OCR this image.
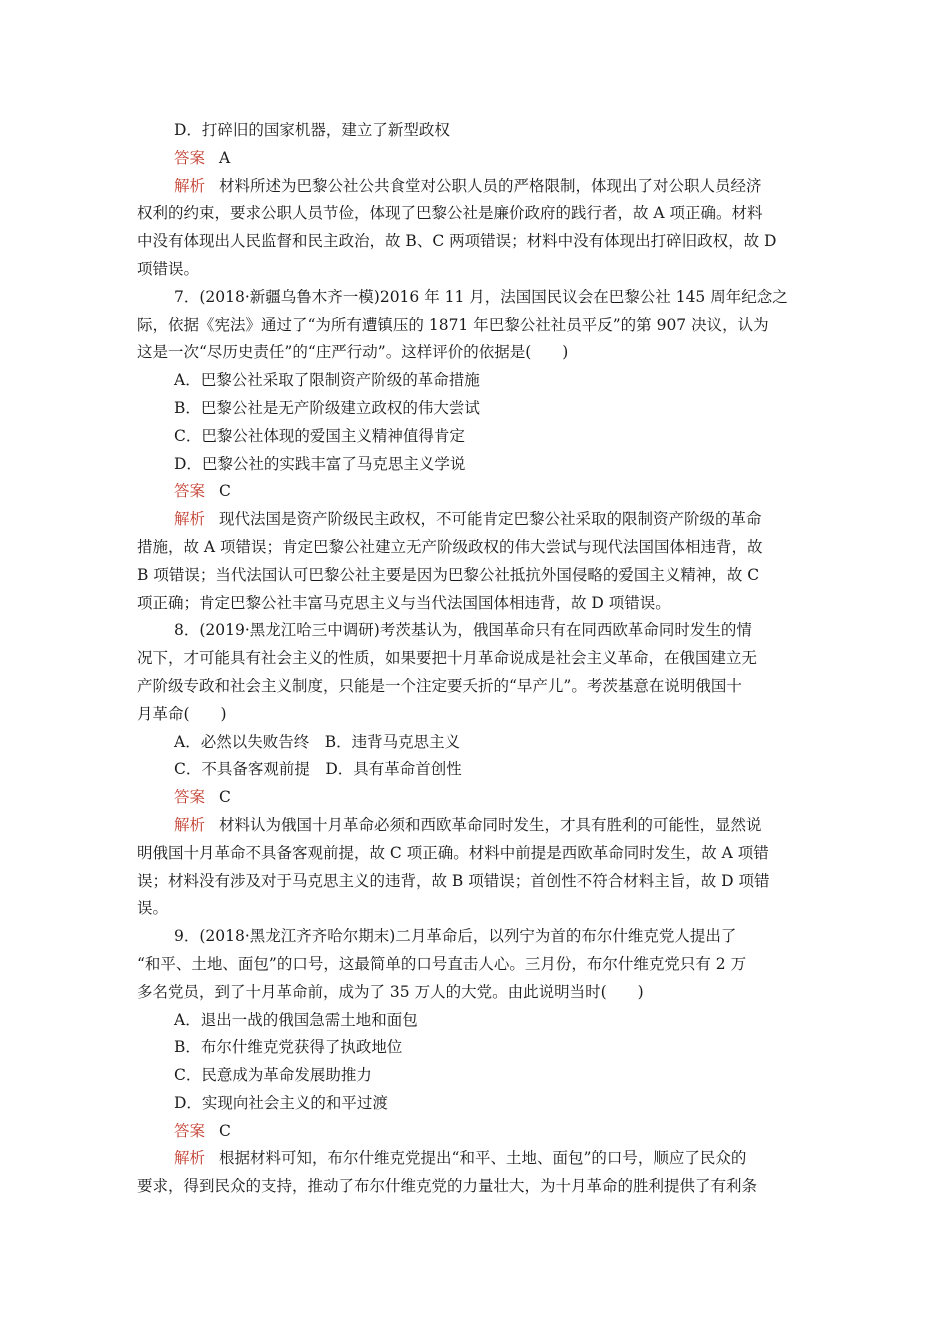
D．打碎旧的国家机器，建立了新型政权
答案 A
解析 材料所述为巴黎公社公共食堂对公职人员的严格限制，体现出了对公职人员经济
权利的约束，要求公职人员节俭，体现了巴黎公社是廉价政府的践行者，故 A 项正确。材料
中没有体现出人民监督和民主政治，故 B、C 两项错误；材料中没有体现出打碎旧政权，故 D
项错误。
7．(2018·新疆乌鲁木齐一模)2016 年 11 月，法国国民议会在巴黎公社 145 周年纪念之
际，依据《宪法》通过了“为所有遭镇压的 1871 年巴黎公社社员平反”的第 907 决议，认为
这是一次“尽历史责任”的“庄严行动”。这样评价的依据是(　　)
A．巴黎公社采取了限制资产阶级的革命措施
B．巴黎公社是无产阶级建立政权的伟大尝试
C．巴黎公社体现的爱国主义精神值得肯定
D．巴黎公社的实践丰富了马克思主义学说
答案 C
解析 现代法国是资产阶级民主政权，不可能肯定巴黎公社采取的限制资产阶级的革命
措施，故 A 项错误；肯定巴黎公社建立无产阶级政权的伟大尝试与现代法国国体相违背，故
B 项错误；当代法国认可巴黎公社主要是因为巴黎公社抵抗外国侵略的爱国主义精神，故 C
项正确；肯定巴黎公社丰富马克思主义与当代法国国体相违背，故 D 项错误。
8．(2019·黑龙江哈三中调研)考茨基认为，俄国革命只有在同西欧革命同时发生的情
况下，才可能具有社会主义的性质，如果要把十月革命说成是社会主义革命，在俄国建立无
产阶级专政和社会主义制度，只能是一个注定要夭折的“早产儿”。考茨基意在说明俄国十
月革命(　　)
A．必然以失败告终　B．违背马克思主义
C．不具备客观前提　D．具有革命首创性
答案 C
解析 材料认为俄国十月革命必须和西欧革命同时发生，才具有胜利的可能性，显然说
明俄国十月革命不具备客观前提，故 C 项正确。材料中前提是西欧革命同时发生，故 A 项错
误；材料没有涉及对于马克思主义的违背，故 B 项错误；首创性不符合材料主旨，故 D 项错
误。
9．(2018·黑龙江齐齐哈尔期末)二月革命后，以列宁为首的布尔什维克党人提出了
“和平、土地、面包”的口号，这最简单的口号直击人心。三月份，布尔什维克党只有 2 万
多名党员，到了十月革命前，成为了 35 万人的大党。由此说明当时(　　)
A．退出一战的俄国急需土地和面包
B．布尔什维克党获得了执政地位
C．民意成为革命发展助推力
D．实现向社会主义的和平过渡
答案 C
解析 根据材料可知，布尔什维克党提出“和平、土地、面包”的口号，顺应了民众的
要求，得到民众的支持，推动了布尔什维克党的力量壮大，为十月革命的胜利提供了有利条
